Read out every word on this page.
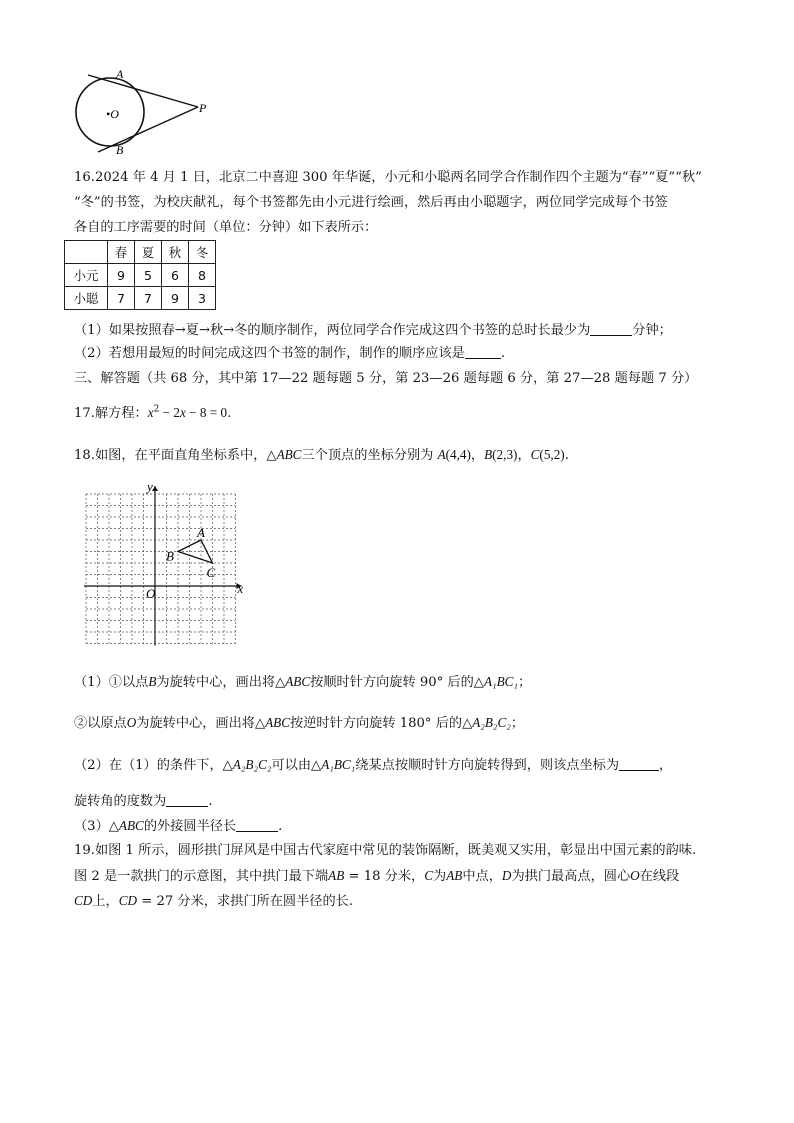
A
•O	P
B
16.2024 年 4 月 1 日，北京二中喜迎 300 年华诞，小元和小聪两名同学合作制作四个主题为“春”“夏”“秋”
“冬”的书签，为校庆献礼，每个书签都先由小元进行绘画，然后再由小聪题字，两位同学完成每个书签
各自的工序需要的时间（单位：分钟）如下表所示：
	春	夏	秋	冬
小元	9	5	6	8
小聪	7	7	9	3
（1）如果按照春→夏→秋→冬的顺序制作，两位同学合作完成这四个书签的总时长最少为	分钟；
（2）若想用最短的时间完成这四个书签的制作，制作的顺序应该是	.
三、解答题（共 68 分，其中第 17—22 题每题 5 分，第 23—26 题每题 6 分，第 27—28 题每题 7 分）
17.解方程：$x^2 - 2x - 8 = 0$.
18.如图，在平面直角坐标系中，△ABC三个顶点的坐标分别为 A(4,4)，B(2,3)，C(5,2).
y
x
O
A
B
C
（1）①以点B为旋转中心，画出将△ABC按顺时针方向旋转 90° 后的△A₁BC₁；
②以原点O为旋转中心，画出将△ABC按逆时针方向旋转 180° 后的△A₂B₂C₂；
（2）在（1）的条件下，△A₂B₂C₂可以由△A₁BC₁绕某点按顺时针方向旋转得到，则该点坐标为	，
旋转角的度数为	.
（3）△ABC的外接圆半径长	.
19.如图 1 所示，圆形拱门屏风是中国古代家庭中常见的装饰隔断，既美观又实用，彰显出中国元素的韵味.
图 2 是一款拱门的示意图，其中拱门最下端AB = 18 分米，C为AB中点，D为拱门最高点，圆心O在线段
CD上，CD = 27 分米，求拱门所在圆半径的长.
